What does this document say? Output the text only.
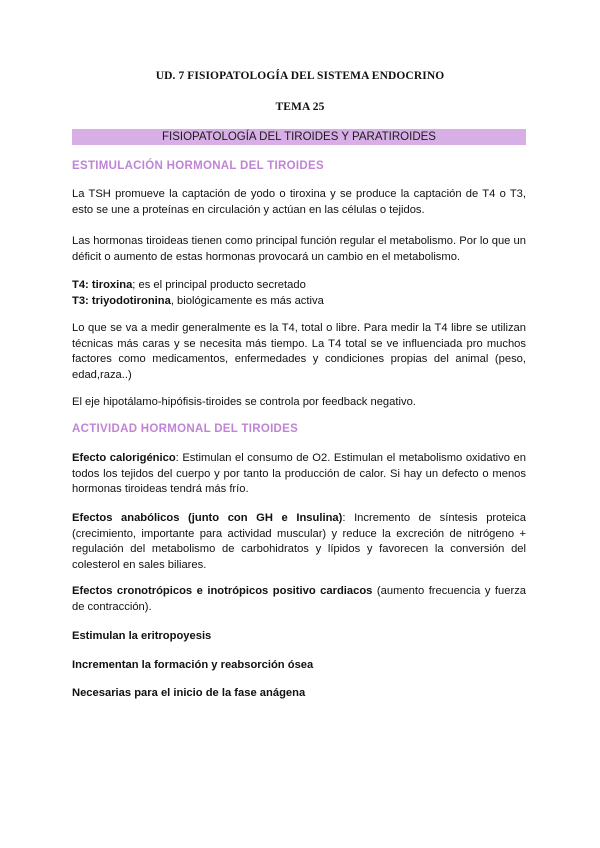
UD. 7 FISIOPATOLOGÍA DEL SISTEMA ENDOCRINO
TEMA 25
FISIOPATOLOGÍA DEL TIROIDES Y PARATIROIDES
ESTIMULACIÓN HORMONAL DEL TIROIDES

La TSH promueve la captación de yodo o tiroxina y se produce la captación de T4 o T3, esto se une a proteínas en circulación y actúan en las células o tejidos.

Las hormonas tiroideas tienen como principal función regular el metabolismo. Por lo que un déficit o aumento de estas hormonas provocará un cambio en el metabolismo.

T4: tiroxina; es el principal producto secretado
T3: triyodotironina, biológicamente es más activa

Lo que se va a medir generalmente es la T4, total o libre. Para medir la T4 libre se utilizan técnicas más caras y se necesita más tiempo. La T4 total se ve influenciada pro muchos factores como medicamentos, enfermedades y condiciones propias del animal (peso, edad,raza..)

El eje hipotálamo-hipófisis-tiroides se controla por feedback negativo.

ACTIVIDAD HORMONAL DEL TIROIDES

Efecto calorigénico: Estimulan el consumo de O2. Estimulan el metabolismo oxidativo en todos los tejidos del cuerpo y por tanto la producción de calor. Si hay un defecto o menos hormonas tiroideas tendrá más frío.

Efectos anabólicos (junto con GH e Insulina): Incremento de síntesis proteica (crecimiento, importante para actividad muscular) y reduce la excreción de nitrógeno + regulación del metabolismo de carbohidratos y lípidos y favorecen la conversión del colesterol en sales biliares.

Efectos cronotrópicos e inotrópicos positivo cardiacos (aumento frecuencia y fuerza de contracción).

Estimulan la eritropoyesis

Incrementan la formación y reabsorción ósea

Necesarias para el inicio de la fase anágena
